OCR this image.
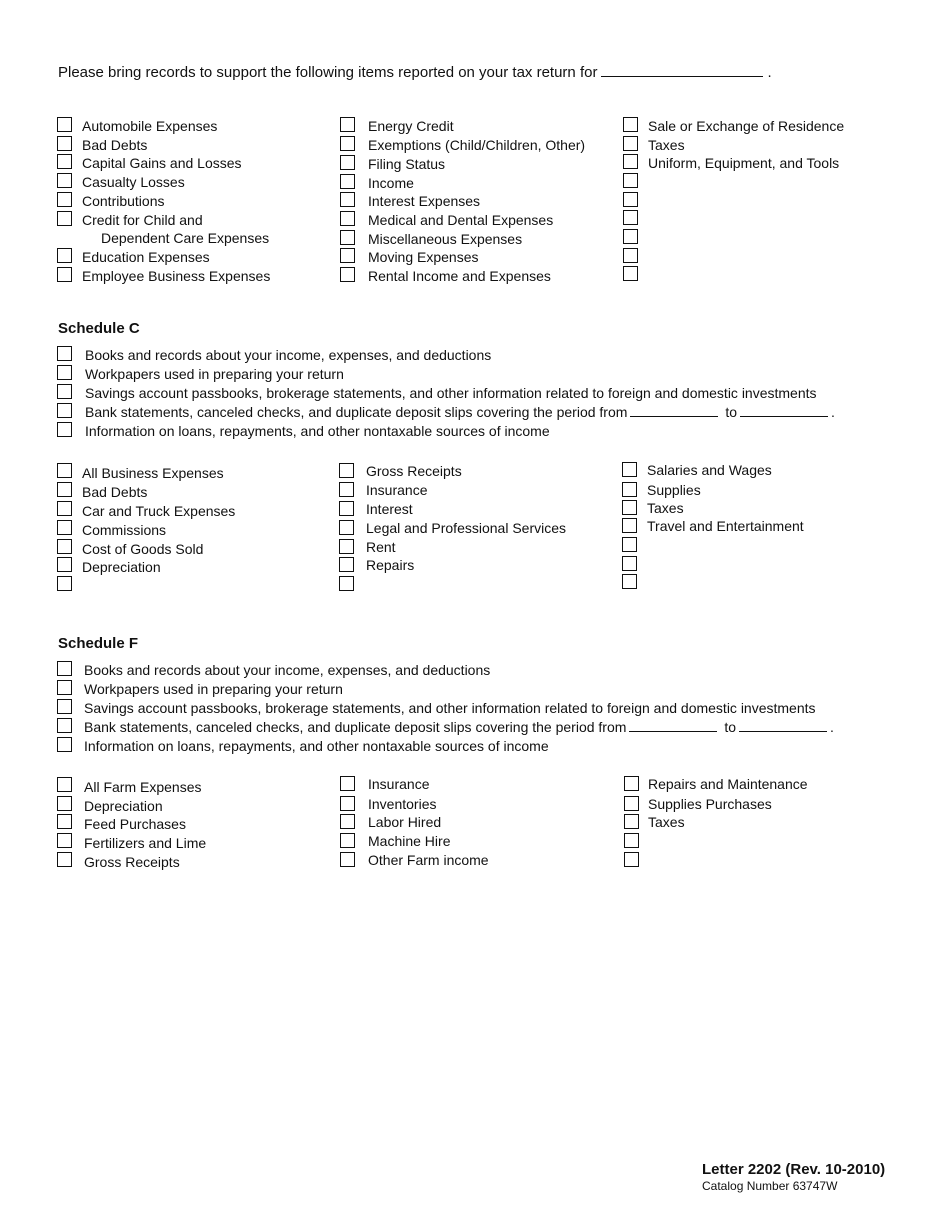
Please bring records to support the following items reported on your tax return for	.
Automobile Expenses
Bad Debts
Capital Gains and Losses
Casualty Losses
Contributions
Credit for Child and
Dependent Care Expenses
Education Expenses
Employee Business Expenses
Energy Credit
Exemptions (Child/Children, Other)
Filing Status
Income
Interest Expenses
Medical and Dental Expenses
Miscellaneous Expenses
Moving Expenses
Rental Income and Expenses
Sale or Exchange of Residence
Taxes
Uniform, Equipment, and Tools
Schedule C
Books and records about your income, expenses, and deductions
Workpapers used in preparing your return
Savings account passbooks, brokerage statements, and other information related to foreign and domestic investments
Bank statements, canceled checks, and duplicate deposit slips covering the period from	to	.
Information on loans, repayments, and other nontaxable sources of income
All Business Expenses
Bad Debts
Car and Truck Expenses
Commissions
Cost of Goods Sold
Depreciation
Gross Receipts
Insurance
Interest
Legal and Professional Services
Rent
Repairs
Salaries and Wages
Supplies
Taxes
Travel and Entertainment
Schedule F
Books and records about your income, expenses, and deductions
Workpapers used in preparing your return
Savings account passbooks, brokerage statements, and other information related to foreign and domestic investments
Bank statements, canceled checks, and duplicate deposit slips covering the period from	to	.
Information on loans, repayments, and other nontaxable sources of income
All Farm Expenses
Depreciation
Feed Purchases
Fertilizers and Lime
Gross Receipts
Insurance
Inventories
Labor Hired
Machine Hire
Other Farm income
Repairs and Maintenance
Supplies Purchases
Taxes
Letter 2202 (Rev. 10-2010)
Catalog Number 63747W
